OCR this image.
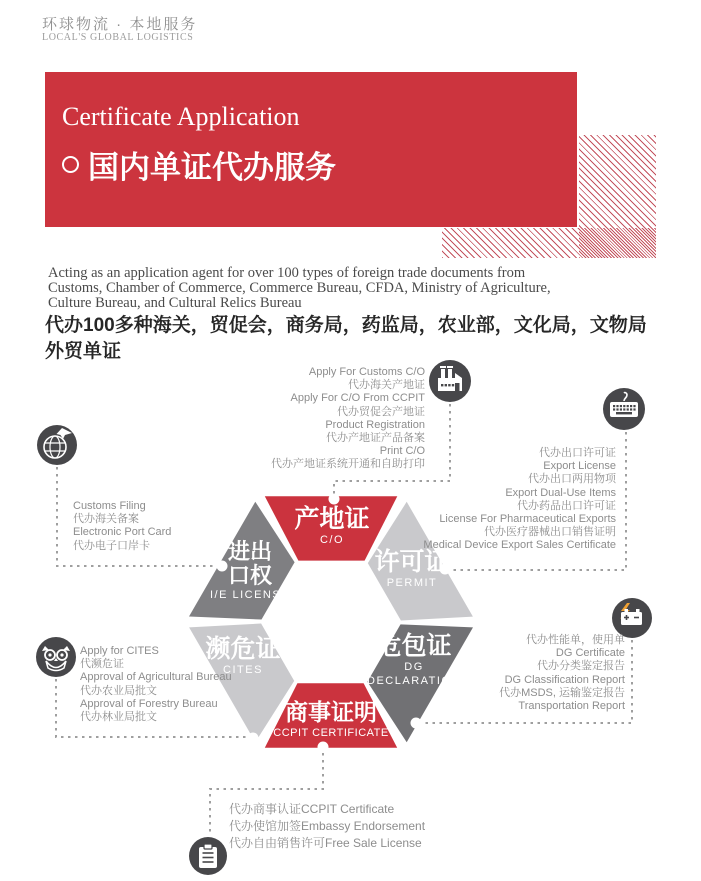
环球物流 · 本地服务
LOCAL'S GLOBAL LOGISTICS
Certificate Application
国内单证代办服务
Acting as an application agent for over 100 types of foreign trade documents from
Customs, Chamber of Commerce, Commerce Bureau, CFDA, Ministry of Agriculture,
Culture Bureau, and Cultural Relics Bureau
代办100多种海关，贸促会，商务局，药监局，农业部，文化局，文物局
外贸单证
产地证
C/O
许可证
PERMIT
危包证
DG
DECLARATION
商事证明
CCPIT CERTIFICATE
濒危证
CITES
进出
口权
I/E LICENSE
Apply For Customs C/O
代办海关产地证
Apply For C/O From CCPIT
代办贸促会产地证
Product Registration
代办产地证产品备案
Print C/O
代办产地证系统开通和自助打印
代办出口许可证
Export License
代办出口两用物项
Export Dual-Use Items
代办药品出口许可证
License For Pharmaceutical Exports
代办医疗器械出口销售证明
Medical Device Export Sales Certificate
Customs Filing
代办海关备案
Electronic Port Card
代办电子口岸卡
Apply for CITES
代濒危证
Approval of Agricultural Bureau
代办农业局批文
Approval of Forestry Bureau
代办林业局批文
代办性能单，使用单
DG Certificate
代办分类鉴定报告
DG Classification Report
代办MSDS, 运输鉴定报告
Transportation Report
代办商事认证CCPIT Certificate
代办使馆加签Embassy Endorsement
代办自由销售许可Free Sale License
